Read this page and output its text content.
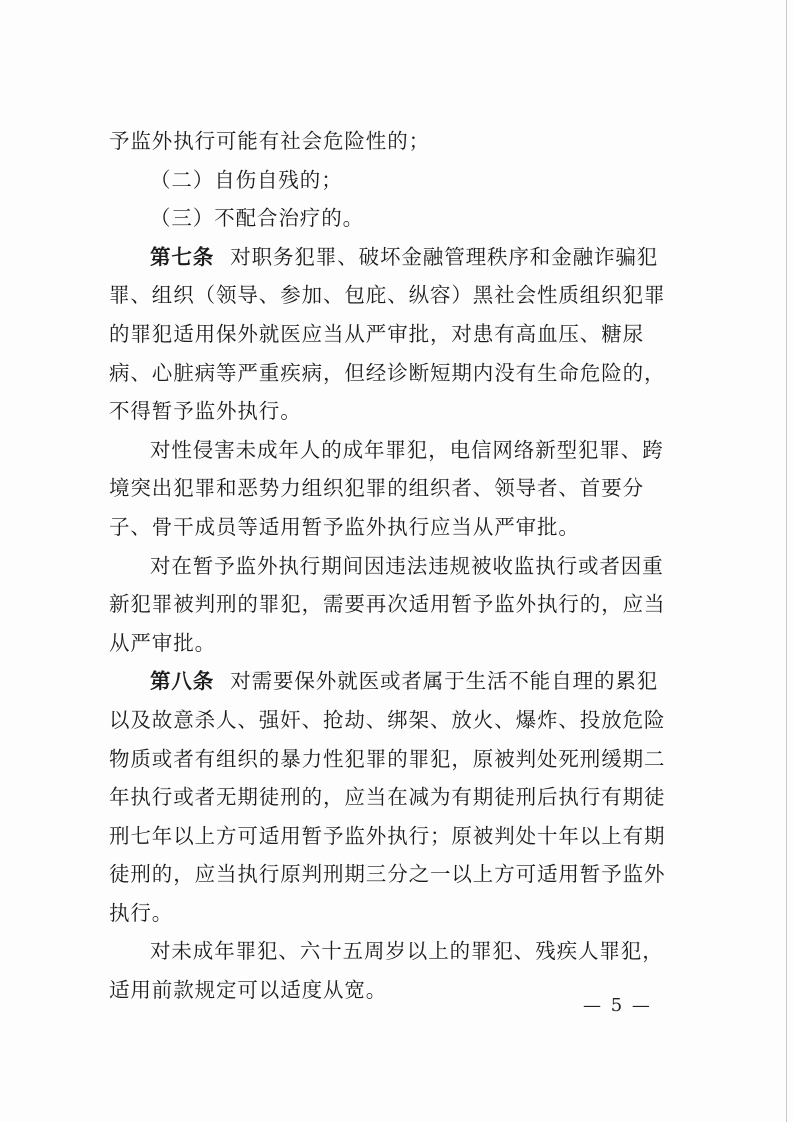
予监外执行可能有社会危险性的；
（二）自伤自残的；
（三）不配合治疗的。
第七条 对职务犯罪、破坏金融管理秩序和金融诈骗犯
罪、组织（领导、参加、包庇、纵容）黑社会性质组织犯罪
的罪犯适用保外就医应当从严审批，对患有高血压、糖尿
病、心脏病等严重疾病，但经诊断短期内没有生命危险的，
不得暂予监外执行。
对性侵害未成年人的成年罪犯，电信网络新型犯罪、跨
境突出犯罪和恶势力组织犯罪的组织者、领导者、首要分
子、骨干成员等适用暂予监外执行应当从严审批。
对在暂予监外执行期间因违法违规被收监执行或者因重
新犯罪被判刑的罪犯，需要再次适用暂予监外执行的，应当
从严审批。
第八条 对需要保外就医或者属于生活不能自理的累犯
以及故意杀人、强奸、抢劫、绑架、放火、爆炸、投放危险
物质或者有组织的暴力性犯罪的罪犯，原被判处死刑缓期二
年执行或者无期徒刑的，应当在减为有期徒刑后执行有期徒
刑七年以上方可适用暂予监外执行；原被判处十年以上有期
徒刑的，应当执行原判刑期三分之一以上方可适用暂予监外
执行。
对未成年罪犯、六十五周岁以上的罪犯、残疾人罪犯，
适用前款规定可以适度从宽。
— 5 —
